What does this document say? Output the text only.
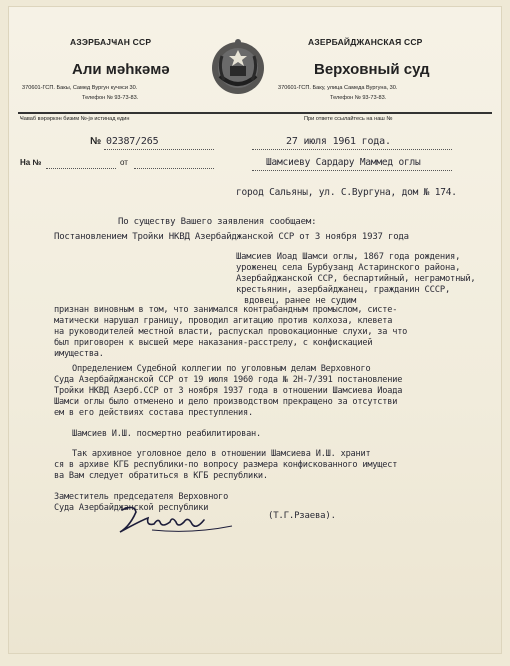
АЗЭРБАЈҸАН ССР
Али мәһкәмә
370601-ГСП. Бакы, Самед Вургун кучәси 30.
Телефон № 93-73-83.
АЗЕРБАЙДЖАНСКАЯ ССР
Верховный суд
370601-ГСП. Баку, улица Самеда Вургуна, 30.
Телефон № 93-73-83.
Ҹаваб вәрәркән бизим №-јә истинад един	При ответе ссылайтесь на наш №
№ 02387/265	27 июля 1961 года.
На №	от	Шамсиеву Сардару Маммед оглы
город Сальяны, ул. С.Вургуна, дом № 174.
По существу Вашего заявления сообщаем:
Постановлением Тройки НКВД Азербайджанской ССР от 3 ноября 1937 года

Шамсиев Иоад Шамси оглы, 1867 года рождения,

уроженец села Бурбузанд Астаринского района,

Азербайджанской ССР, беспартийный, неграмотный,

крестьянин, азербайджанец, гражданин СССР,

вдовец, ранее не судим

признан виновным в том, что занимался контрабандным промыслом, систе-

матически нарушал границу, проводил агитацию против колхоза, клевета

на руководителей местной власти, распускал провокационные слухи, за что

был приговорен к высшей мере наказания-расстрелу, с конфискацией

имущества.

Определением Судебной коллегии по уголовным делам Верховного

Суда Азербайджанской ССР от 19 июля 1960 года № 2Н-7/391 постановление

Тройки НКВД Азерб.ССР от 3 ноября 1937 года в отношении Шамсиева Иоада

Шамси оглы было отменено и дело производством прекращено за отсутстви

ем в его действиях состава преступления.

Шамсиев И.Ш. посмертно реабилитирован.

Так архивное уголовное дело в отношении Шамсиева И.Ш. хранит

ся в архиве КГБ республики-по вопросу размера конфискованного имущест

ва Вам следует обратиться в КГБ республики.

Заместитель председателя Верховного

Суда Азербайджанской республики

(Т.Г.Рзаева).
